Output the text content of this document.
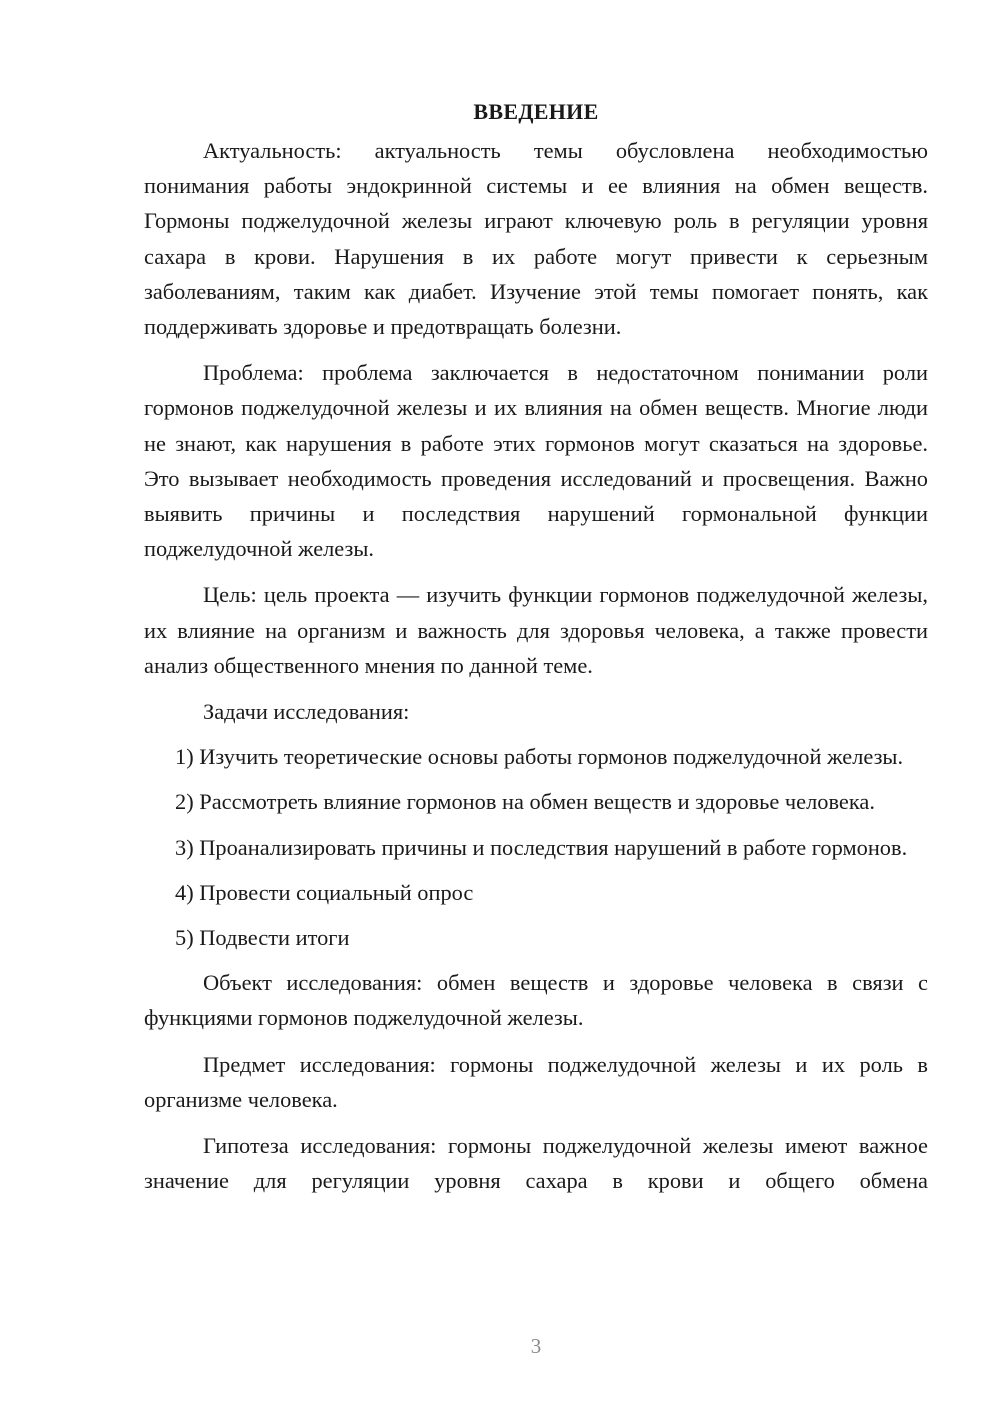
ВВЕДЕНИЕ

Актуальность: актуальность темы обусловлена необходимостью понимания работы эндокринной системы и ее влияния на обмен веществ. Гормоны поджелудочной железы играют ключевую роль в регуляции уровня сахара в крови. Нарушения в их работе могут привести к серьезным заболеваниям, таким как диабет. Изучение этой темы помогает понять, как поддерживать здоровье и предотвращать болезни.

Проблема: проблема заключается в недостаточном понимании роли гормонов поджелудочной железы и их влияния на обмен веществ. Многие люди не знают, как нарушения в работе этих гормонов могут сказаться на здоровье. Это вызывает необходимость проведения исследований и просвещения. Важно выявить причины и последствия нарушений гормональной функции поджелудочной железы.

Цель: цель проекта — изучить функции гормонов поджелудочной железы, их влияние на организм и важность для здоровья человека, а также провести анализ общественного мнения по данной теме.

Задачи исследования:

1) Изучить теоретические основы работы гормонов поджелудочной железы.

2) Рассмотреть влияние гормонов на обмен веществ и здоровье человека.

3) Проанализировать причины и последствия нарушений в работе гормонов.

4) Провести социальный опрос

5) Подвести итоги

Объект исследования: обмен веществ и здоровье человека в связи с функциями гормонов поджелудочной железы.

Предмет исследования: гормоны поджелудочной железы и их роль в организме человека.

Гипотеза исследования: гормоны поджелудочной железы имеют важное значение для регуляции уровня сахара в крови и общего обмена

3
